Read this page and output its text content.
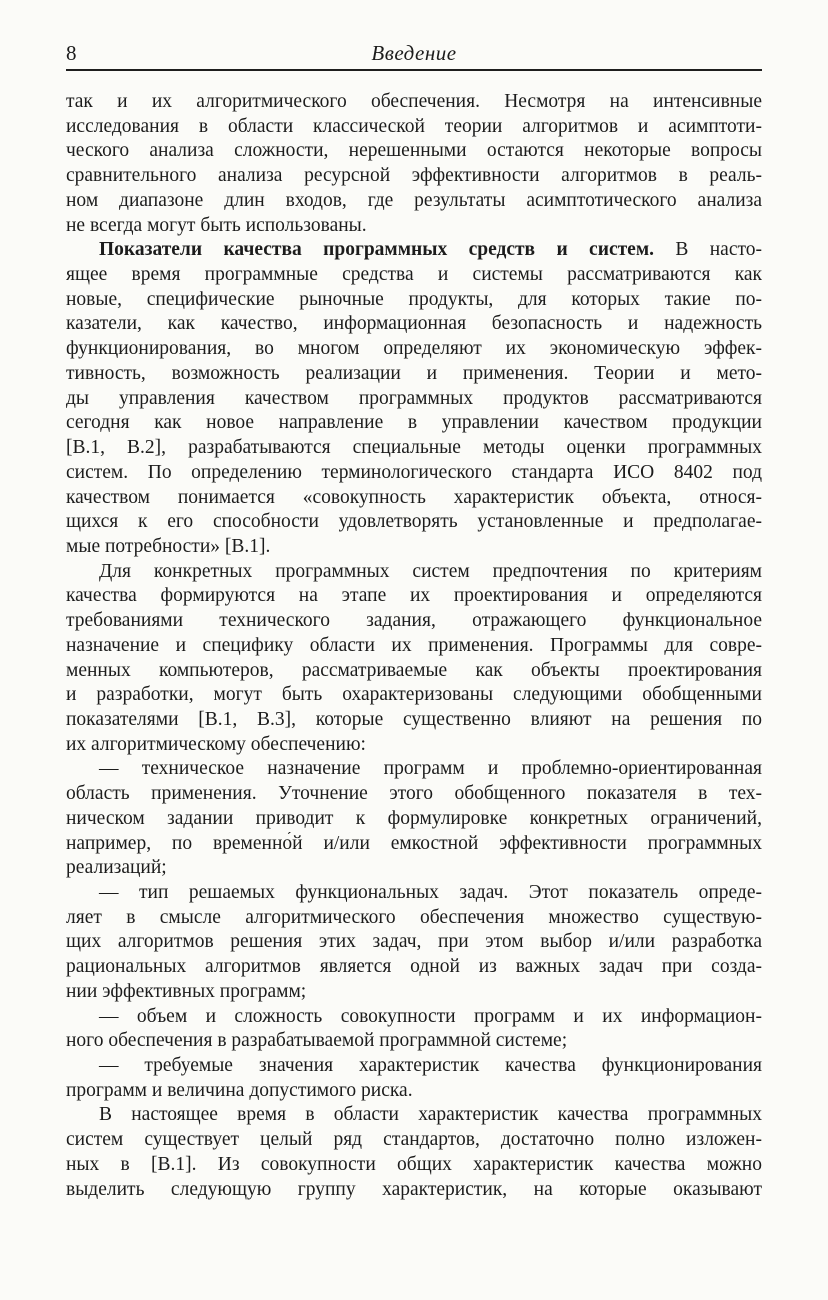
8	Введение
так и их алгоритмического обеспечения. Несмотря на интенсивные
исследования в области классической теории алгоритмов и асимптоти-
ческого анализа сложности, нерешенными остаются некоторые вопросы
сравнительного анализа ресурсной эффективности алгоритмов в реаль-
ном диапазоне длин входов, где результаты асимптотического анализа
не всегда могут быть использованы.
Показатели качества программных средств и систем. В насто-
ящее время программные средства и системы рассматриваются как
новые, специфические рыночные продукты, для которых такие по-
казатели, как качество, информационная безопасность и надежность
функционирования, во многом определяют их экономическую эффек-
тивность, возможность реализации и применения. Теории и мето-
ды управления качеством программных продуктов рассматриваются
сегодня как новое направление в управлении качеством продукции
[В.1, В.2], разрабатываются специальные методы оценки программных
систем. По определению терминологического стандарта ИСО 8402 под
качеством понимается «совокупность характеристик объекта, относя-
щихся к его способности удовлетворять установленные и предполагае-
мые потребности» [В.1].
Для конкретных программных систем предпочтения по критериям
качества формируются на этапе их проектирования и определяются
требованиями технического задания, отражающего функциональное
назначение и специфику области их применения. Программы для совре-
менных компьютеров, рассматриваемые как объекты проектирования
и разработки, могут быть охарактеризованы следующими обобщенными
показателями [В.1, В.3], которые существенно влияют на решения по
их алгоритмическому обеспечению:
— техническое назначение программ и проблемно-ориентированная
область применения. Уточнение этого обобщенного показателя в тех-
ническом задании приводит к формулировке конкретных ограничений,
например, по временно́й и/или емкостной эффективности программных
реализаций;
— тип решаемых функциональных задач. Этот показатель опреде-
ляет в смысле алгоритмического обеспечения множество существую-
щих алгоритмов решения этих задач, при этом выбор и/или разработка
рациональных алгоритмов является одной из важных задач при созда-
нии эффективных программ;
— объем и сложность совокупности программ и их информацион-
ного обеспечения в разрабатываемой программной системе;
— требуемые значения характеристик качества функционирования
программ и величина допустимого риска.
В настоящее время в области характеристик качества программных
систем существует целый ряд стандартов, достаточно полно изложен-
ных в [В.1]. Из совокупности общих характеристик качества можно
выделить следующую группу характеристик, на которые оказывают
